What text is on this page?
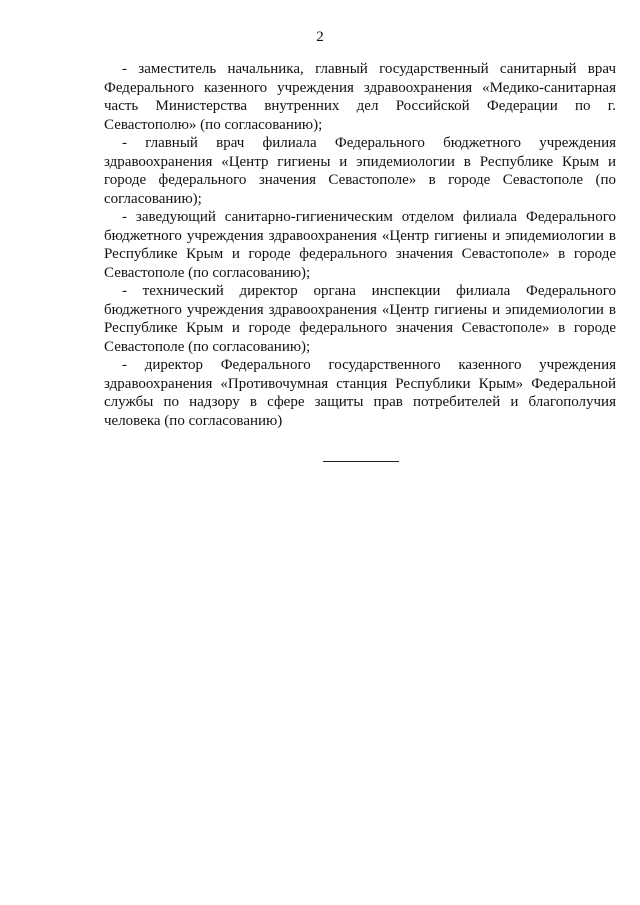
2

- заместитель начальника, главный государственный санитарный врач Федерального казенного учреждения здравоохранения «Медико-санитарная часть Министерства внутренних дел Российской Федерации по г. Севастополю» (по согласованию);

- главный врач филиала Федерального бюджетного учреждения здравоохранения «Центр гигиены и эпидемиологии в Республике Крым и городе федерального значения Севастополе» в городе Севастополе (по согласованию);

- заведующий санитарно-гигиеническим отделом филиала Федерального бюджетного учреждения здравоохранения «Центр гигиены и эпидемиологии в Республике Крым и городе федерального значения Севастополе» в городе Севастополе (по согласованию);

- технический директор органа инспекции филиала Федерального бюджетного учреждения здравоохранения «Центр гигиены и эпидемиологии в Республике Крым и городе федерального значения Севастополе» в городе Севастополе (по согласованию);

- директор Федерального государственного казенного учреждения здравоохранения «Противочумная станция Республики Крым» Федеральной службы по надзору в сфере защиты прав потребителей и благополучия человека (по согласованию)
